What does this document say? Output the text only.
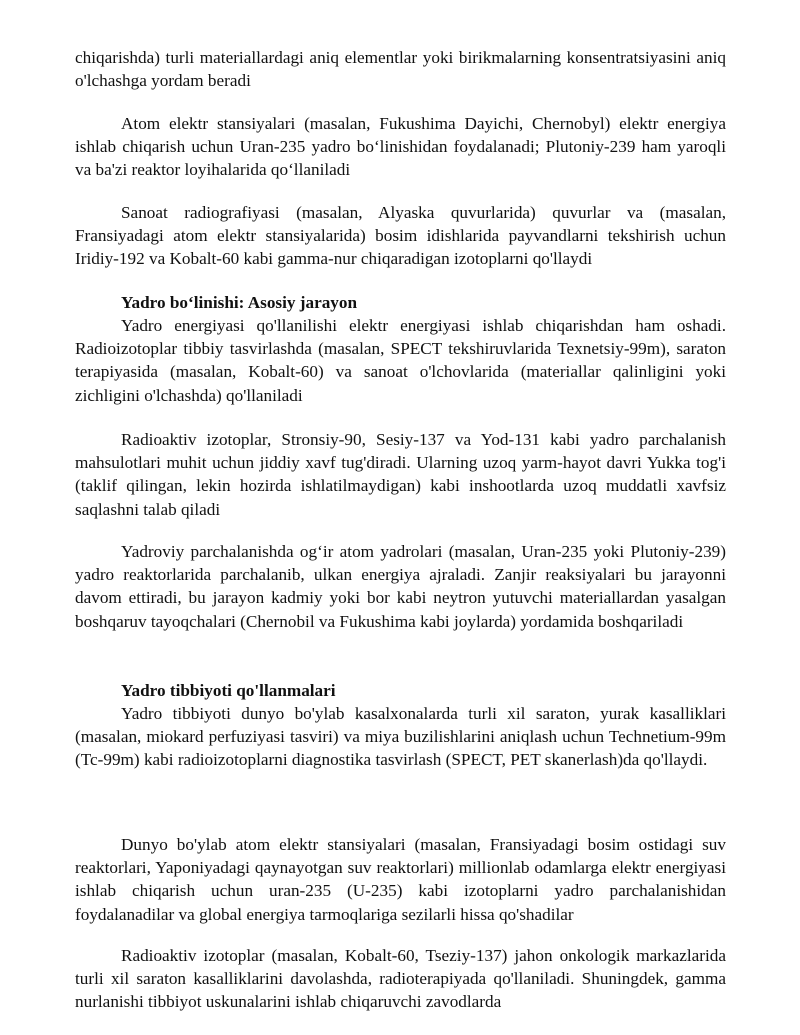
chiqarishda) turli materiallardagi aniq elementlar yoki birikmalarning konsentratsiyasini aniq o'lchashga yordam beradi

Atom elektr stansiyalari (masalan, Fukushima Dayichi, Chernobyl) elektr energiya ishlab chiqarish uchun Uran-235 yadro bo‘linishidan foydalanadi; Plutoniy-239 ham yaroqli va ba'zi reaktor loyihalarida qo‘llaniladi

Sanoat radiografiyasi (masalan, Alyaska quvurlarida) quvurlar va (masalan, Fransiyadagi atom elektr stansiyalarida) bosim idishlarida payvandlarni tekshirish uchun Iridiy-192 va Kobalt-60 kabi gamma-nur chiqaradigan izotoplarni qo'llaydi

Yadro bo‘linishi: Asosiy jarayon

Yadro energiyasi qo'llanilishi elektr energiyasi ishlab chiqarishdan ham oshadi. Radioizotoplar tibbiy tasvirlashda (masalan, SPECT tekshiruvlarida Texnetsiy-99m), saraton terapiyasida (masalan, Kobalt-60) va sanoat o'lchovlarida (materiallar qalinligini yoki zichligini o'lchashda) qo'llaniladi

Radioaktiv izotoplar, Stronsiy-90, Sesiy-137 va Yod-131 kabi yadro parchalanish mahsulotlari muhit uchun jiddiy xavf tug'diradi. Ularning uzoq yarm-hayot davri Yukka tog'i (taklif qilingan, lekin hozirda ishlatilmaydigan) kabi inshootlarda uzoq muddatli xavfsiz saqlashni talab qiladi

Yadroviy parchalanishda og‘ir atom yadrolari (masalan, Uran-235 yoki Plutoniy-239) yadro reaktorlarida parchalanib, ulkan energiya ajraladi. Zanjir reaksiyalari bu jarayonni davom ettiradi, bu jarayon kadmiy yoki bor kabi neytron yutuvchi materiallardan yasalgan boshqaruv tayoqchalari (Chernobil va Fukushima kabi joylarda) yordamida boshqariladi

Yadro tibbiyoti qo'llanmalari

Yadro tibbiyoti dunyo bo'ylab kasalxonalarda turli xil saraton, yurak kasalliklari (masalan, miokard perfuziyasi tasviri) va miya buzilishlarini aniqlash uchun Technetium-99m (Tc-99m) kabi radioizotoplarni diagnostika tasvirlash (SPECT, PET skanerlash)da qo'llaydi.

Dunyo bo'ylab atom elektr stansiyalari (masalan, Fransiyadagi bosim ostidagi suv reaktorlari, Yaponiyadagi qaynayotgan suv reaktorlari) millionlab odamlarga elektr energiyasi ishlab chiqarish uchun uran-235 (U-235) kabi izotoplarni yadro parchalanishidan foydalanadilar va global energiya tarmoqlariga sezilarli hissa qo'shadilar

Radioaktiv izotoplar (masalan, Kobalt-60, Tseziy-137) jahon onkologik markazlarida turli xil saraton kasalliklarini davolashda, radioterapiyada qo'llaniladi. Shuningdek, gamma nurlanishi tibbiyot uskunalarini ishlab chiqaruvchi zavodlarda
